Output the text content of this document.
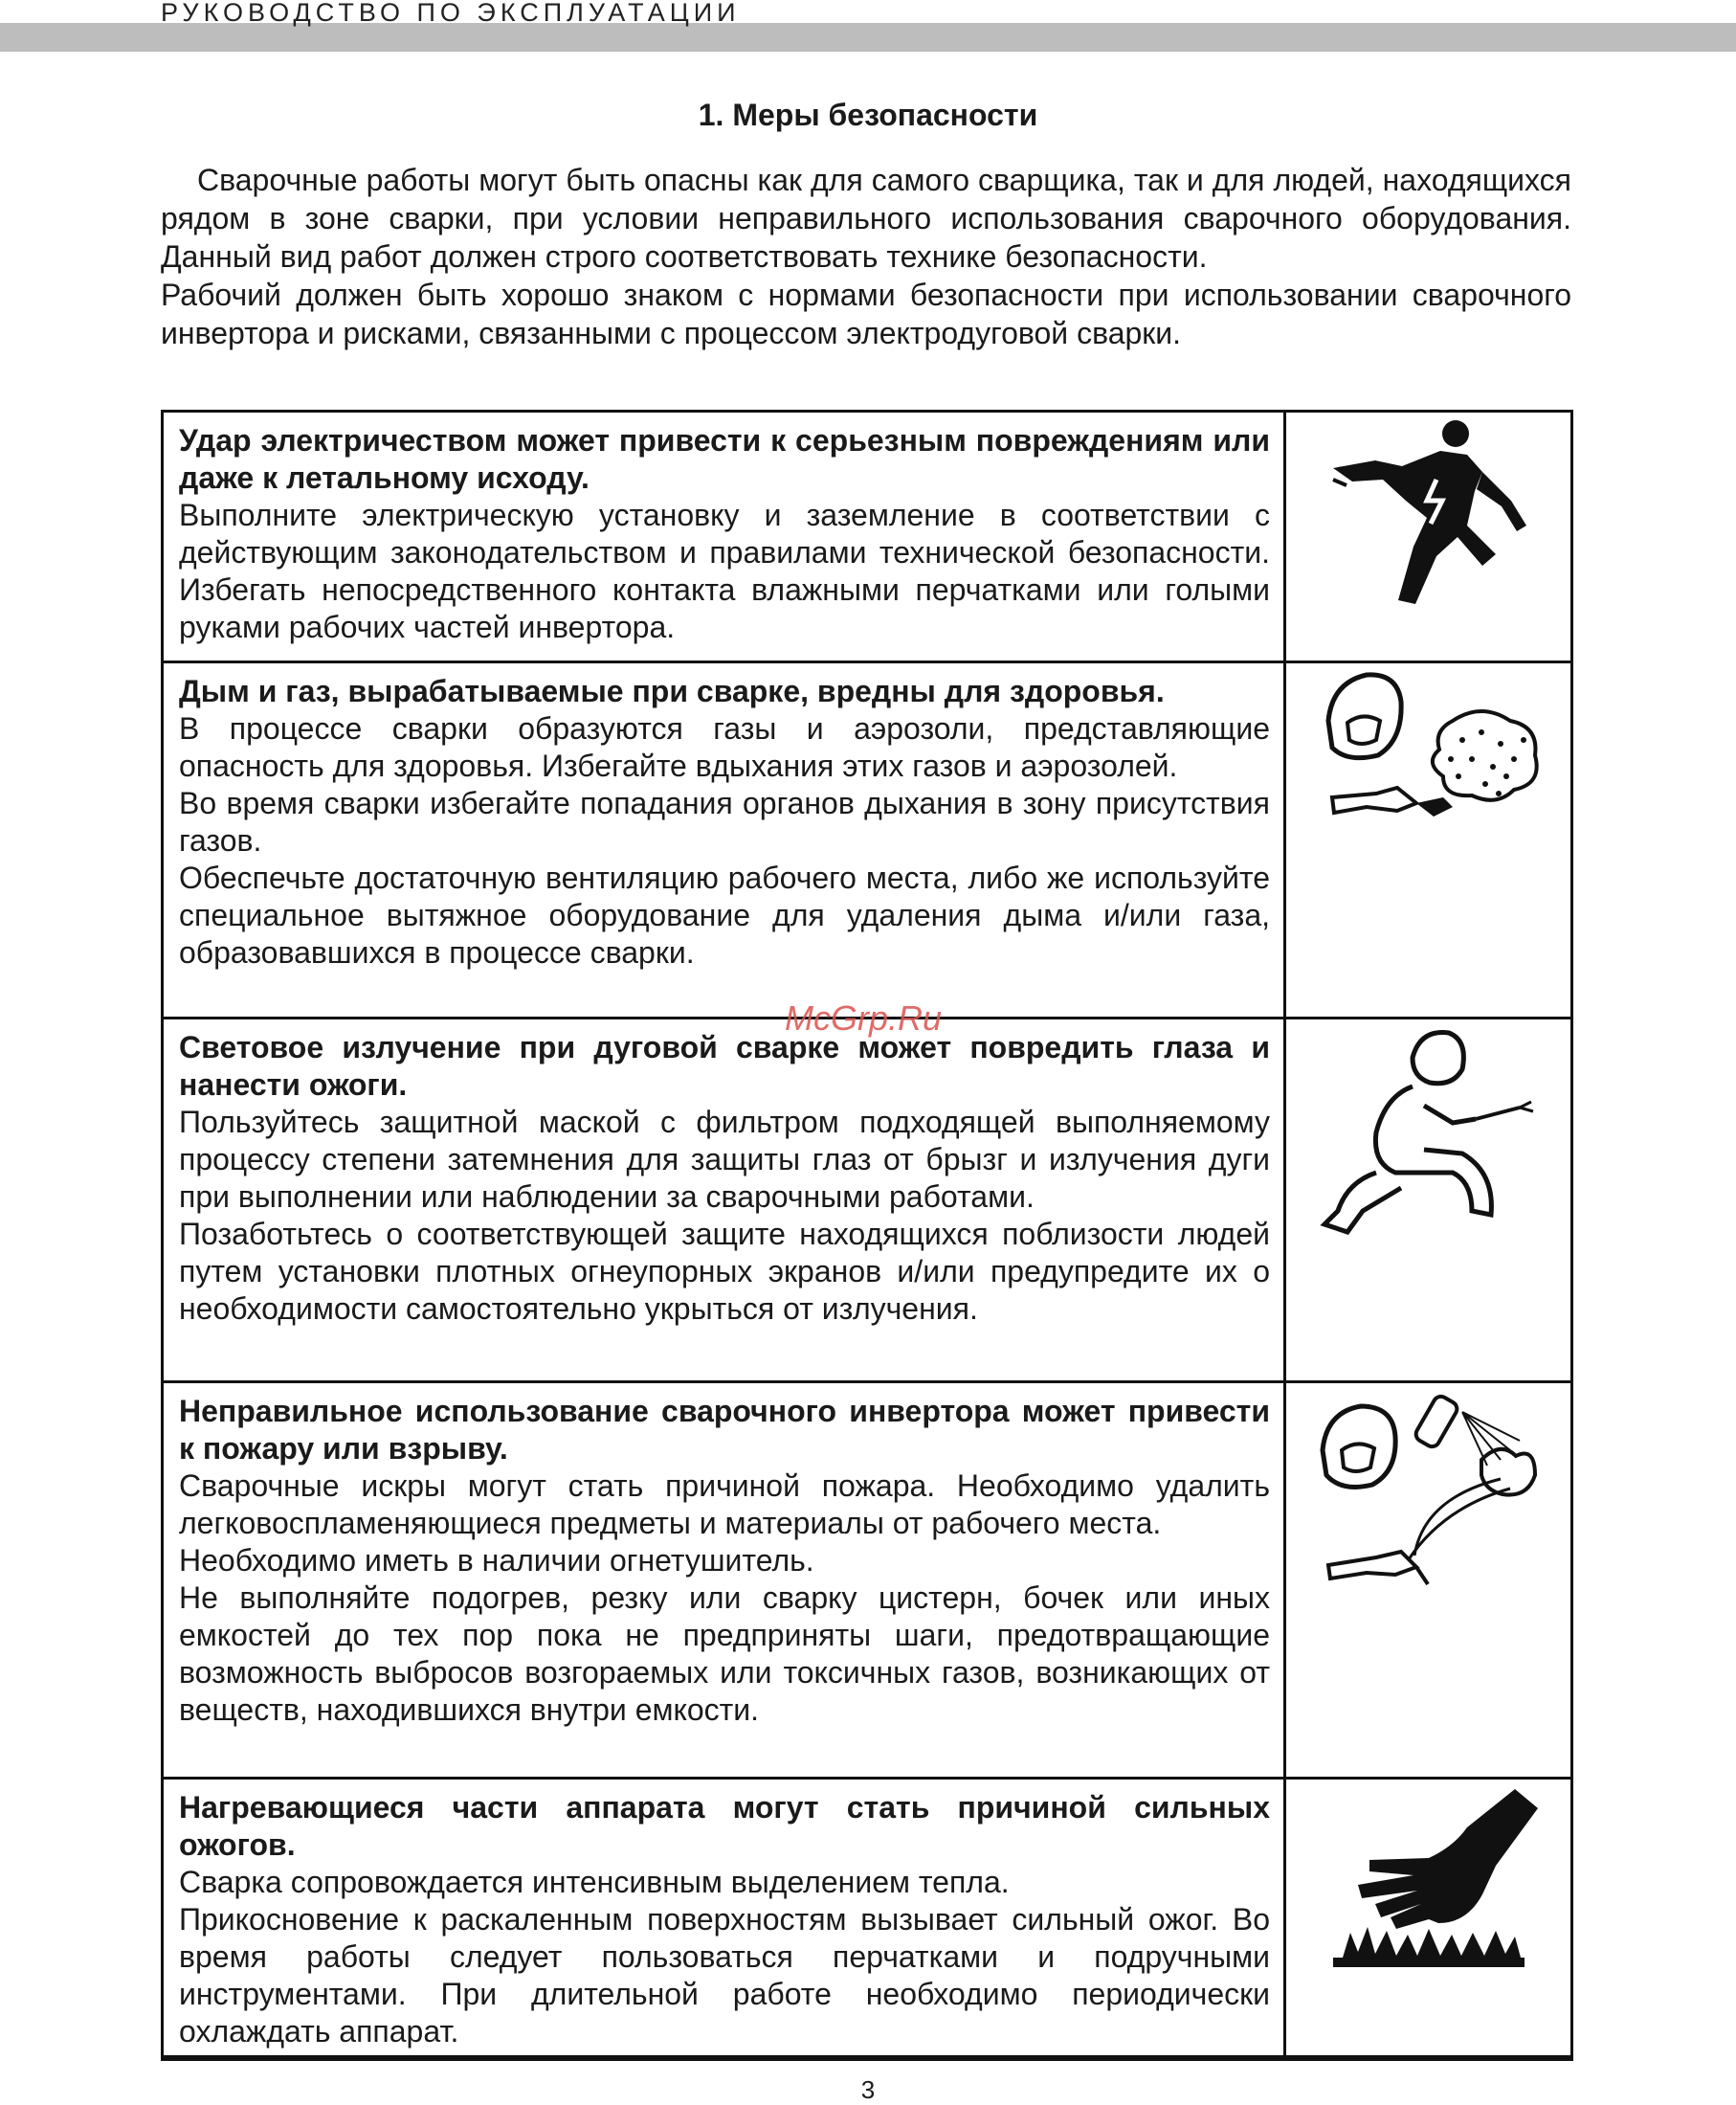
РУКОВОДСТВО ПО ЭКСПЛУАТАЦИИ
1. Меры безопасности

Сварочные работы могут быть опасны как для самого сварщика, так и для людей, находящихся рядом в зоне сварки, при условии неправильного использования сварочного оборудования. Данный вид работ должен строго соответствовать технике безопасности.

Рабочий должен быть хорошо знаком с нормами безопасности при использовании сварочного инвертора и рисками, связанными с процессом электродуговой сварки.

Удар электричеством может привести к серьезным повреждениям или даже к летальному исходу.

Выполните электрическую установку и заземление в соответствии с действующим законодательством и правилами технической безопасности. Избегать непосредственного контакта влажными перчатками или голыми руками рабочих частей инвертора.

Дым и газ, вырабатываемые при сварке, вредны для здоровья.

В процессе сварки образуются газы и аэрозоли, представляющие опасность для здоровья. Избегайте вдыхания этих газов и аэрозолей.

Во время сварки избегайте попадания органов дыхания в зону присутствия газов.

Обеспечьте достаточную вентиляцию рабочего места, либо же используйте специальное вытяжное оборудование для удаления дыма и/или газа, образовавшихся в процессе сварки.

Световое излучение при дуговой сварке может повредить глаза и нанести ожоги.

Пользуйтесь защитной маской с фильтром подходящей выполняемому процессу степени затемнения для защиты глаз от брызг и излучения дуги при выполнении или наблюдении за сварочными работами.

Позаботьтесь о соответствующей защите находящихся поблизости людей путем установки плотных огнеупорных экранов и/или предупредите их о необходимости самостоятельно укрыться от излучения.

Неправильное использование сварочного инвертора может привести к пожару или взрыву.

Сварочные искры могут стать причиной пожара. Необходимо удалить легковоспламеняющиеся предметы и материалы от рабочего места.

Необходимо иметь в наличии огнетушитель.

Не выполняйте подогрев, резку или сварку цистерн, бочек или иных емкостей до тех пор пока не предприняты шаги, предотвращающие возможность выбросов возгораемых или токсичных газов, возникающих от веществ, находившихся внутри емкости.

Нагревающиеся части аппарата могут стать причиной сильных ожогов.

Сварка сопровождается интенсивным выделением тепла.

Прикосновение к раскаленным поверхностям вызывает сильный ожог. Во время работы следует пользоваться перчатками и подручными инструментами. При длительной работе необходимо периодически охлаждать аппарат.

McGrp.Ru
3
